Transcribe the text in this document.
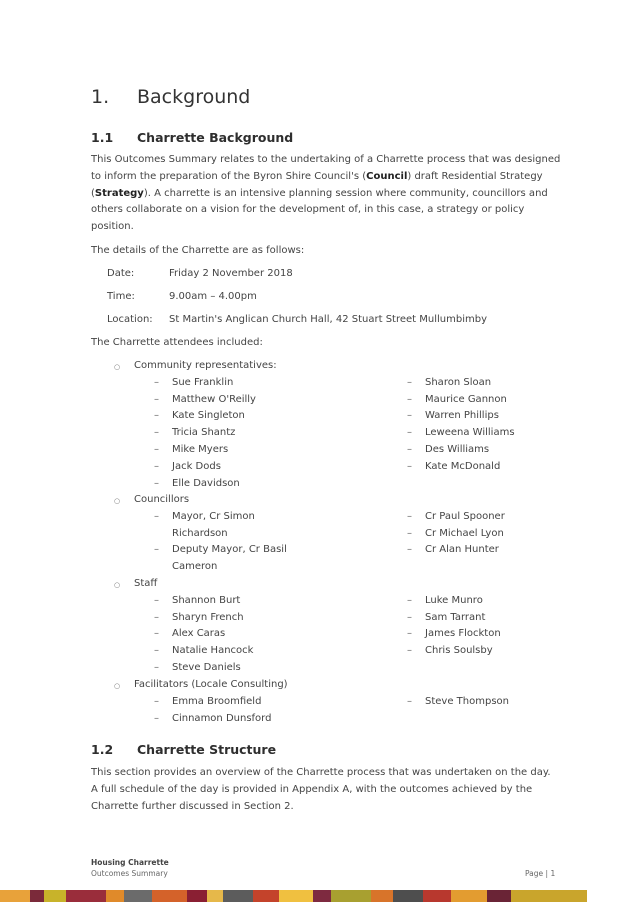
1. Background
1.1 Charrette Background
This Outcomes Summary relates to the undertaking of a Charrette process that was designed
to inform the preparation of the Byron Shire Council's (Council) draft Residential Strategy
(Strategy). A charrette is an intensive planning session where community, councillors and
others collaborate on a vision for the development of, in this case, a strategy or policy
position.
The details of the Charrette are as follows:
Date:	Friday 2 November 2018
Time:	9.00am – 4.00pm
Location: St Martin's Anglican Church Hall, 42 Stuart Street Mullumbimby
The Charrette attendees included:
○ Community representatives:
– Sue Franklin
– Matthew O'Reilly
– Kate Singleton
– Tricia Shantz
– Mike Myers
– Jack Dods
– Elle Davidson
– Sharon Sloan
– Maurice Gannon
– Warren Phillips
– Leweena Williams
– Des Williams
– Kate McDonald
○ Councillors
– Mayor, Cr Simon
Richardson
– Deputy Mayor, Cr Basil
Cameron
– Cr Paul Spooner
– Cr Michael Lyon
– Cr Alan Hunter
○ Staff
– Shannon Burt
– Sharyn French
– Alex Caras
– Natalie Hancock
– Steve Daniels
– Luke Munro
– Sam Tarrant
– James Flockton
– Chris Soulsby
○ Facilitators (Locale Consulting)
– Emma Broomfield
– Cinnamon Dunsford
– Steve Thompson
1.2 Charrette Structure
This section provides an overview of the Charrette process that was undertaken on the day.
A full schedule of the day is provided in Appendix A, with the outcomes achieved by the
Charrette further discussed in Section 2.
Housing Charrette
Outcomes Summary	Page | 1
